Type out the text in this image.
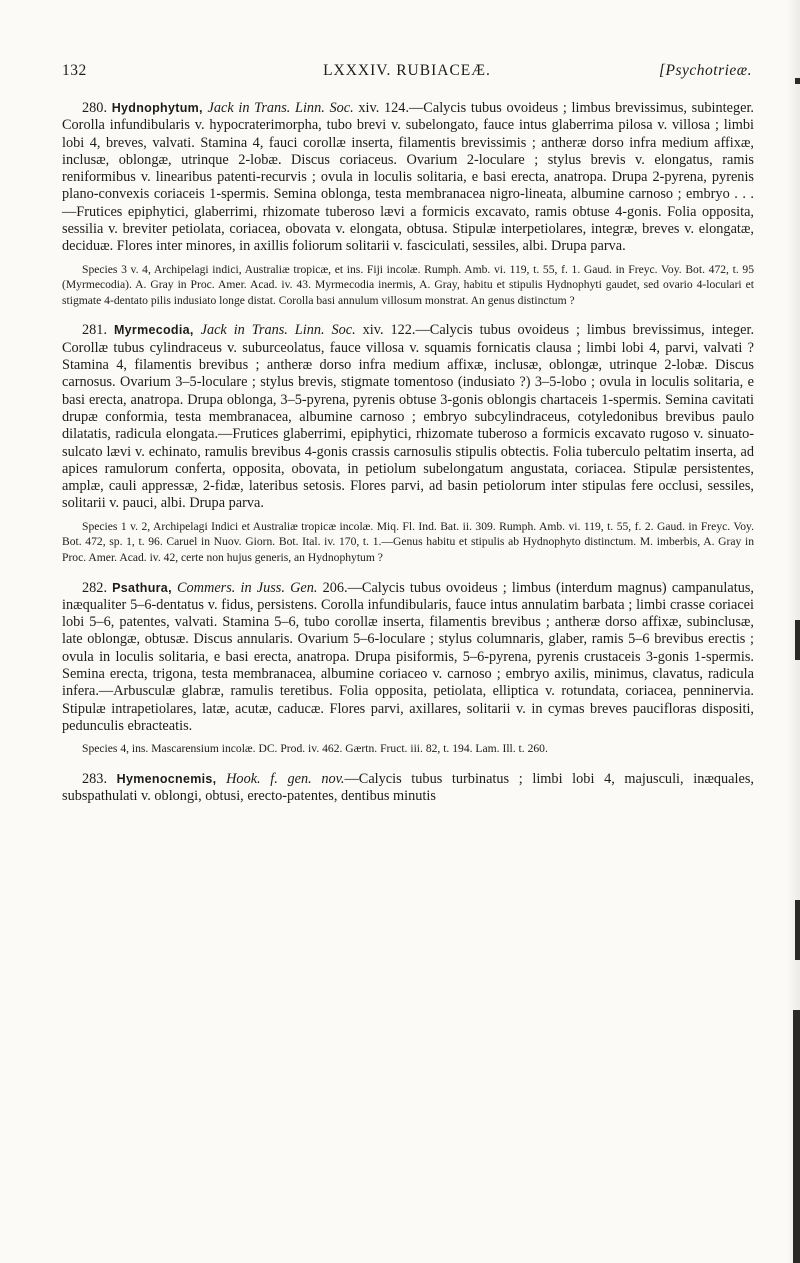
132	LXXXIV. RUBIACEÆ.	[Psychotrieæ.

280. Hydnophytum, Jack in Trans. Linn. Soc. xiv. 124.—Calycis tubus ovoideus ; limbus brevissimus, subinteger. Corolla infundibularis v. hypocraterimorpha, tubo brevi v. subelongato, fauce intus glaberrima pilosa v. villosa ; limbi lobi 4, breves, valvati. Stamina 4, fauci corollæ inserta, filamentis brevissimis ; antheræ dorso infra medium affixæ, inclusæ, oblongæ, utrinque 2-lobæ. Discus coriaceus. Ovarium 2-loculare ; stylus brevis v. elongatus, ramis reniformibus v. linearibus patenti-recurvis ; ovula in loculis solitaria, e basi erecta, anatropa. Drupa 2-pyrena, pyrenis plano-convexis coriaceis 1-spermis. Semina oblonga, testa membranacea nigro-lineata, albumine carnoso ; embryo . . .—Frutices epiphytici, glaberrimi, rhizomate tuberoso lævi a formicis excavato, ramis obtuse 4-gonis. Folia opposita, sessilia v. breviter petiolata, coriacea, obovata v. elongata, obtusa. Stipulæ interpetiolares, integræ, breves v. elongatæ, deciduæ. Flores inter minores, in axillis foliorum solitarii v. fasciculati, sessiles, albi. Drupa parva.

Species 3 v. 4, Archipelagi indici, Australiæ tropicæ, et ins. Fiji incolæ. Rumph. Amb. vi. 119, t. 55, f. 1. Gaud. in Freyc. Voy. Bot. 472, t. 95 (Myrmecodia). A. Gray in Proc. Amer. Acad. iv. 43. Myrmecodia inermis, A. Gray, habitu et stipulis Hydnophyti gaudet, sed ovario 4-loculari et stigmate 4-dentato pilis indusiato longe distat. Corolla basi annulum villosum monstrat. An genus distinctum ?

281. Myrmecodia, Jack in Trans. Linn. Soc. xiv. 122.—Calycis tubus ovoideus ; limbus brevissimus, integer. Corollæ tubus cylindraceus v. suburceolatus, fauce villosa v. squamis fornicatis clausa ; limbi lobi 4, parvi, valvati ? Stamina 4, filamentis brevibus ; antheræ dorso infra medium affixæ, inclusæ, oblongæ, utrinque 2-lobæ. Discus carnosus. Ovarium 3–5-loculare ; stylus brevis, stigmate tomentoso (indusiato ?) 3–5-lobo ; ovula in loculis solitaria, e basi erecta, anatropa. Drupa oblonga, 3–5-pyrena, pyrenis obtuse 3-gonis oblongis chartaceis 1-spermis. Semina cavitati drupæ conformia, testa membranacea, albumine carnoso ; embryo subcylindraceus, cotyledonibus brevibus paulo dilatatis, radicula elongata.—Frutices glaberrimi, epiphytici, rhizomate tuberoso a formicis excavato rugoso v. sinuato-sulcato lævi v. echinato, ramulis brevibus 4-gonis crassis carnosulis stipulis obtectis. Folia tuberculo peltatim inserta, ad apices ramulorum conferta, opposita, obovata, in petiolum subelongatum angustata, coriacea. Stipulæ persistentes, amplæ, cauli appressæ, 2-fidæ, lateribus setosis. Flores parvi, ad basin petiolorum inter stipulas fere occlusi, sessiles, solitarii v. pauci, albi. Drupa parva.

Species 1 v. 2, Archipelagi Indici et Australiæ tropicæ incolæ. Miq. Fl. Ind. Bat. ii. 309. Rumph. Amb. vi. 119, t. 55, f. 2. Gaud. in Freyc. Voy. Bot. 472, sp. 1, t. 96. Caruel in Nuov. Giorn. Bot. Ital. iv. 170, t. 1.—Genus habitu et stipulis ab Hydnophyto distinctum. M. imberbis, A. Gray in Proc. Amer. Acad. iv. 42, certe non hujus generis, an Hydnophytum ?

282. Psathura, Commers. in Juss. Gen. 206.—Calycis tubus ovoideus ; limbus (interdum magnus) campanulatus, inæqualiter 5–6-dentatus v. fidus, persistens. Corolla infundibularis, fauce intus annulatim barbata ; limbi crasse coriacei lobi 5–6, patentes, valvati. Stamina 5–6, tubo corollæ inserta, filamentis brevibus ; antheræ dorso affixæ, subinclusæ, late oblongæ, obtusæ. Discus annularis. Ovarium 5–6-loculare ; stylus columnaris, glaber, ramis 5–6 brevibus erectis ; ovula in loculis solitaria, e basi erecta, anatropa. Drupa pisiformis, 5–6-pyrena, pyrenis crustaceis 3-gonis 1-spermis. Semina erecta, trigona, testa membranacea, albumine coriaceo v. carnoso ; embryo axilis, minimus, clavatus, radicula infera.—Arbusculæ glabræ, ramulis teretibus. Folia opposita, petiolata, elliptica v. rotundata, coriacea, penninervia. Stipulæ intrapetiolares, latæ, acutæ, caducæ. Flores parvi, axillares, solitarii v. in cymas breves paucifloras dispositi, pedunculis ebracteatis.

Species 4, ins. Mascarensium incolæ. DC. Prod. iv. 462. Gærtn. Fruct. iii. 82, t. 194. Lam. Ill. t. 260.

283. Hymenocnemis, Hook. f. gen. nov.—Calycis tubus turbinatus ; limbi lobi 4, majusculi, inæquales, subspathulati v. oblongi, obtusi, erecto-patentes, dentibus minutis
